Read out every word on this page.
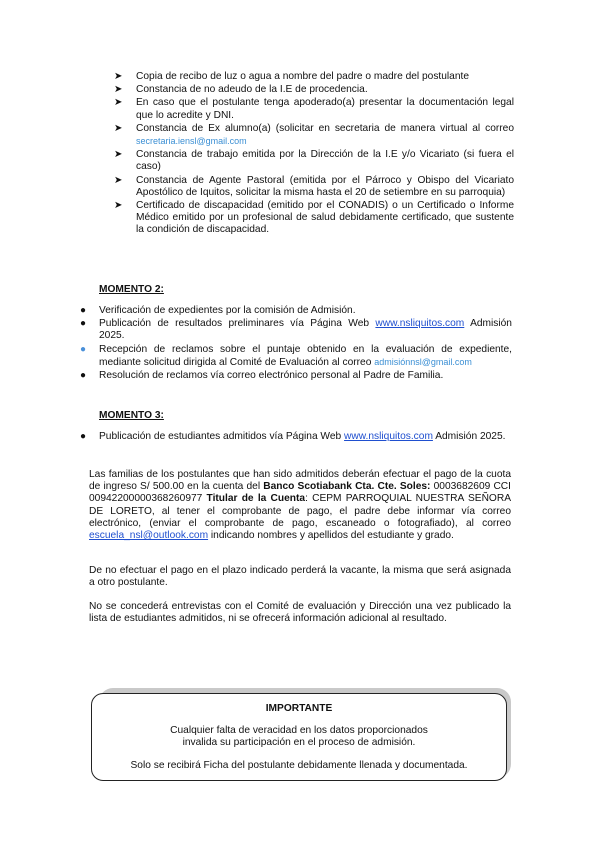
➤ Copia de recibo de luz o agua a nombre del padre o madre del postulante
➤ Constancia de no adeudo de la I.E de procedencia.
➤ En caso que el postulante tenga apoderado(a) presentar la documentación legal que lo acredite y DNI.
➤ Constancia de Ex alumno(a) (solicitar en secretaria de manera virtual al correo secretaria.iensl@gmail.com
➤ Constancia de trabajo emitida por la Dirección de la I.E y/o Vicariato (si fuera el caso)
➤ Constancia de Agente Pastoral (emitida por el Párroco y Obispo del Vicariato Apostólico de Iquitos, solicitar la misma hasta el 20 de setiembre en su parroquia)
➤ Certificado de discapacidad (emitido por el CONADIS) o un Certificado o Informe Médico emitido por un profesional de salud debidamente certificado, que sustente la condición de discapacidad.
MOMENTO 2:
● Verificación de expedientes por la comisión de Admisión.
● Publicación de resultados preliminares vía Página Web www.nsliquitos.com Admisión 2025.
● Recepción de reclamos sobre el puntaje obtenido en la evaluación de expediente, mediante solicitud dirigida al Comité de Evaluación al correo admisiónnsl@gmail.com
● Resolución de reclamos vía correo electrónico personal al Padre de Familia.
MOMENTO 3:
● Publicación de estudiantes admitidos vía Página Web www.nsliquitos.com Admisión 2025.

Las familias de los postulantes que han sido admitidos deberán efectuar el pago de la cuota de ingreso S/ 500.00 en la cuenta del Banco Scotiabank Cta. Cte. Soles: 0003682609 CCI 00942200000368260977 Titular de la Cuenta: CEPM PARROQUIAL NUESTRA SEÑORA DE LORETO, al tener el comprobante de pago, el padre debe informar vía correo electrónico, (enviar el comprobante de pago, escaneado o fotografiado), al correo escuela_nsl@outlook.com indicando nombres y apellidos del estudiante y grado.

De no efectuar el pago en el plazo indicado perderá la vacante, la misma que será asignada a otro postulante.

No se concederá entrevistas con el Comité de evaluación y Dirección una vez publicado la lista de estudiantes admitidos, ni se ofrecerá información adicional al resultado.

IMPORTANTE

Cualquier falta de veracidad en los datos proporcionados invalida su participación en el proceso de admisión.

Solo se recibirá Ficha del postulante debidamente llenada y documentada.
